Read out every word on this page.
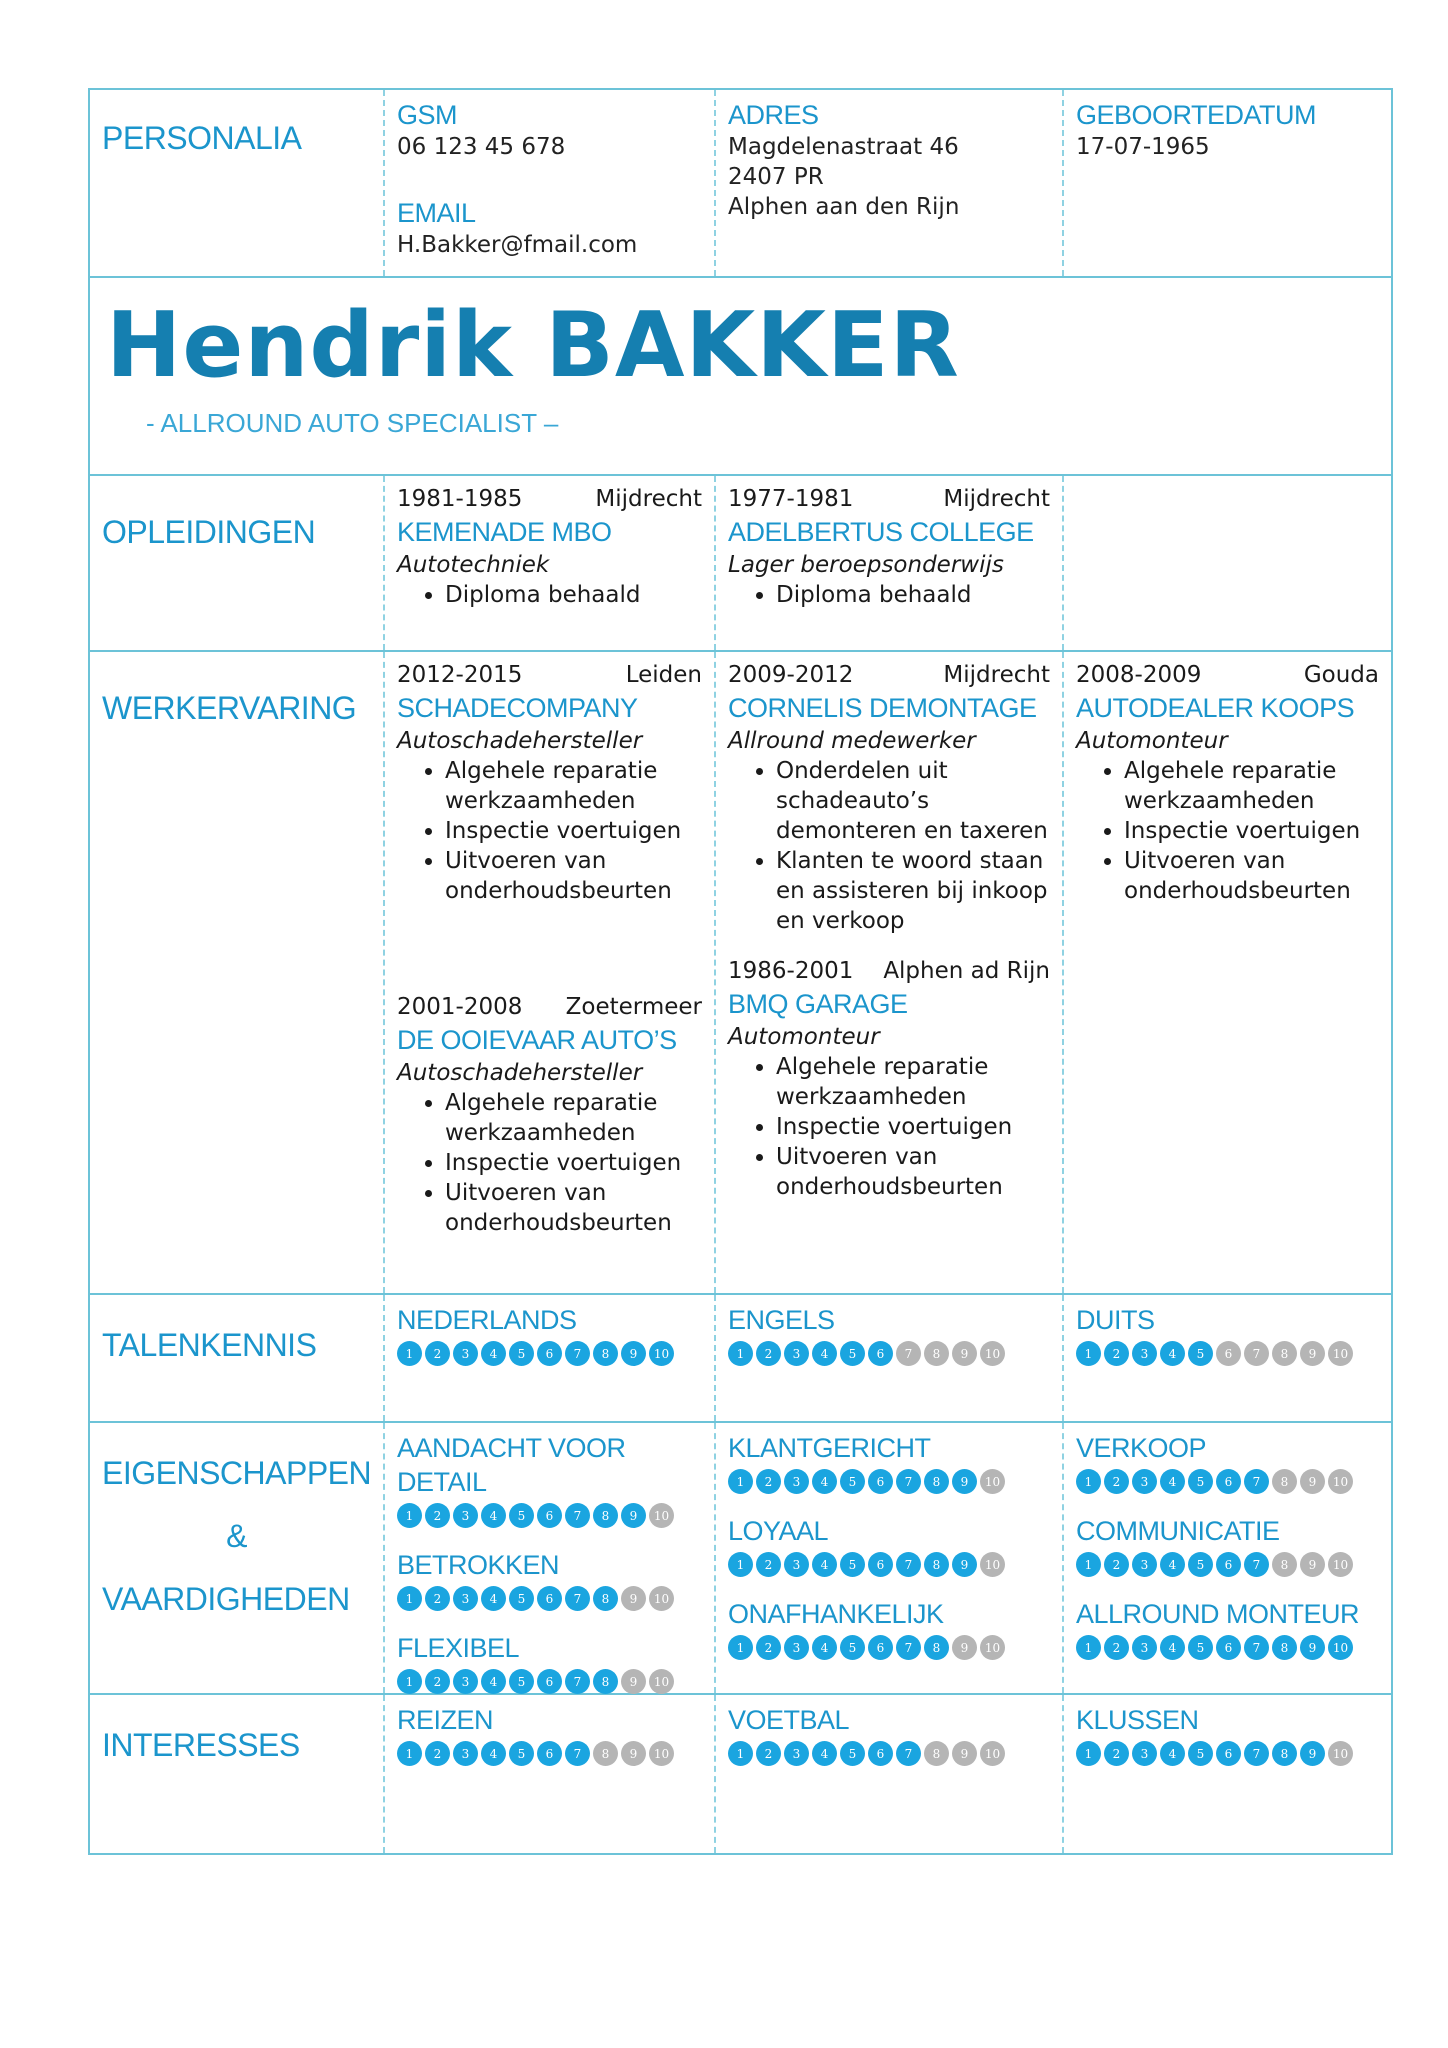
PERSONALIA
GSM
06 123 45 678
EMAIL
H.Bakker@fmail.com
ADRES
Magdelenastraat 46
2407 PR
Alphen aan den Rijn
GEBOORTEDATUM
17-07-1965
Hendrik BAKKER
- ALLROUND AUTO SPECIALIST –
OPLEIDINGEN
1981-1985	Mijdrecht
KEMENADE MBO
Autotechniek
• Diploma behaald
1977-1981	Mijdrecht
ADELBERTUS COLLEGE
Lager beroepsonderwijs
• Diploma behaald
WERKERVARING
2012-2015	Leiden
SCHADECOMPANY
Autoschadehersteller
• Algehele reparatie werkzaamheden
• Inspectie voertuigen
• Uitvoeren van onderhoudsbeurten
2001-2008 Zoetermeer
DE OOIEVAAR AUTO’S
Autoschadehersteller
• Algehele reparatie werkzaamheden
• Inspectie voertuigen
• Uitvoeren van onderhoudsbeurten
2009-2012	Mijdrecht
CORNELIS DEMONTAGE
Allround medewerker
• Onderdelen uit schadeauto’s demonteren en taxeren
• Klanten te woord staan en assisteren bij inkoop en verkoop
1986-2001 Alphen ad Rijn
BMQ GARAGE
Automonteur
• Algehele reparatie werkzaamheden
• Inspectie voertuigen
• Uitvoeren van onderhoudsbeurten
2008-2009	Gouda
AUTODEALER KOOPS
Automonteur
• Algehele reparatie werkzaamheden
• Inspectie voertuigen
• Uitvoeren van onderhoudsbeurten
TALENKENNIS
NEDERLANDS
1	2	3	4	5	6	7	8	9	10
ENGELS
1	2	3	4	5	6	7	8	9	10
DUITS
1	2	3	4	5	6	7	8	9	10
EIGENSCHAPPEN
&
VAARDIGHEDEN
AANDACHT VOOR DETAIL
1	2	3	4	5	6	7	8	9	10
BETROKKEN
1	2	3	4	5	6	7	8	9	10
FLEXIBEL
1	2	3	4	5	6	7	8	9	10
KLANTGERICHT
1	2	3	4	5	6	7	8	9	10
LOYAAL
1	2	3	4	5	6	7	8	9	10
ONAFHANKELIJK
1	2	3	4	5	6	7	8	9	10
VERKOOP
1	2	3	4	5	6	7	8	9	10
COMMUNICATIE
1	2	3	4	5	6	7	8	9	10
ALLROUND MONTEUR
1	2	3	4	5	6	7	8	9	10
INTERESSES
REIZEN
1	2	3	4	5	6	7	8	9	10
VOETBAL
1	2	3	4	5	6	7	8	9	10
KLUSSEN
1	2	3	4	5	6	7	8	9	10
